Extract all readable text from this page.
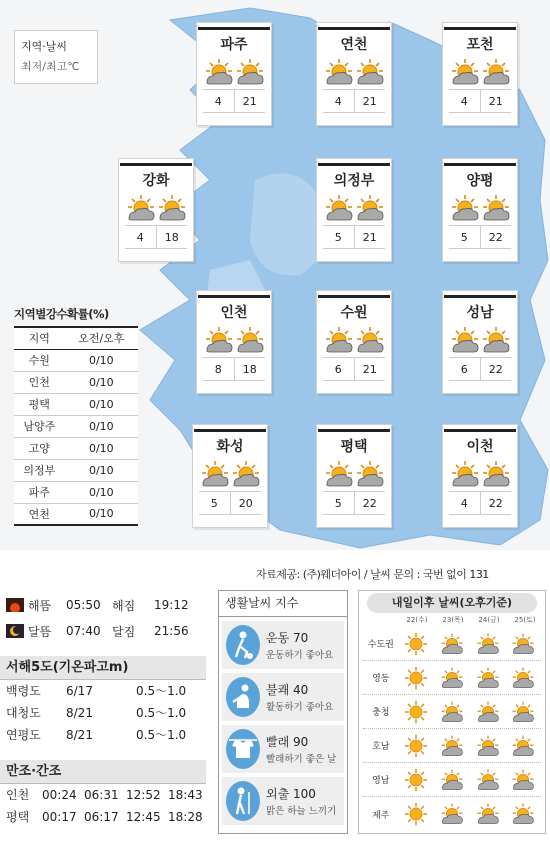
지역·날씨
최저/최고℃
파주
4	21
연천
4	21
포천
4	21
강화
4	18
의정부
5	21
양평
5	22
인천
8	18
수원
6	21
성남
6	22
화성
5	20
평택
5	22
이천
4	22
지역별강수확률(%)
지역	오전/오후
수원	0/10
인천	0/10
평택	0/10
남양주	0/10
고양	0/10
의정부	0/10
파주	0/10
연천	0/10
자료제공: (주)웨더아이 / 날씨 문의 : 국번 없이 131
해뜸	05:50 해짐	19:12
달뜸	07:40 달짐	21:56
서해5도(기온파고m)
백령도	6/17	0.5～1.0
대청도	8/21	0.5～1.0
연평도	8/21	0.5～1.0
만조·간조
인천	00:24 06:31 12:52 18:43
평택	00:17 06:17 12:45 18:28
생활날씨 지수
운동 70
운동하기 좋아요
불쾌 40
활동하기 좋아요
빨래 90
빨래하기 좋은 날
외출 100
맑은 하늘 느끼기
내일이후 날씨(오후기준)
22(수)	23(목)	24(금)	25(토)
수도권
영동
충청
호남
영남
제주
